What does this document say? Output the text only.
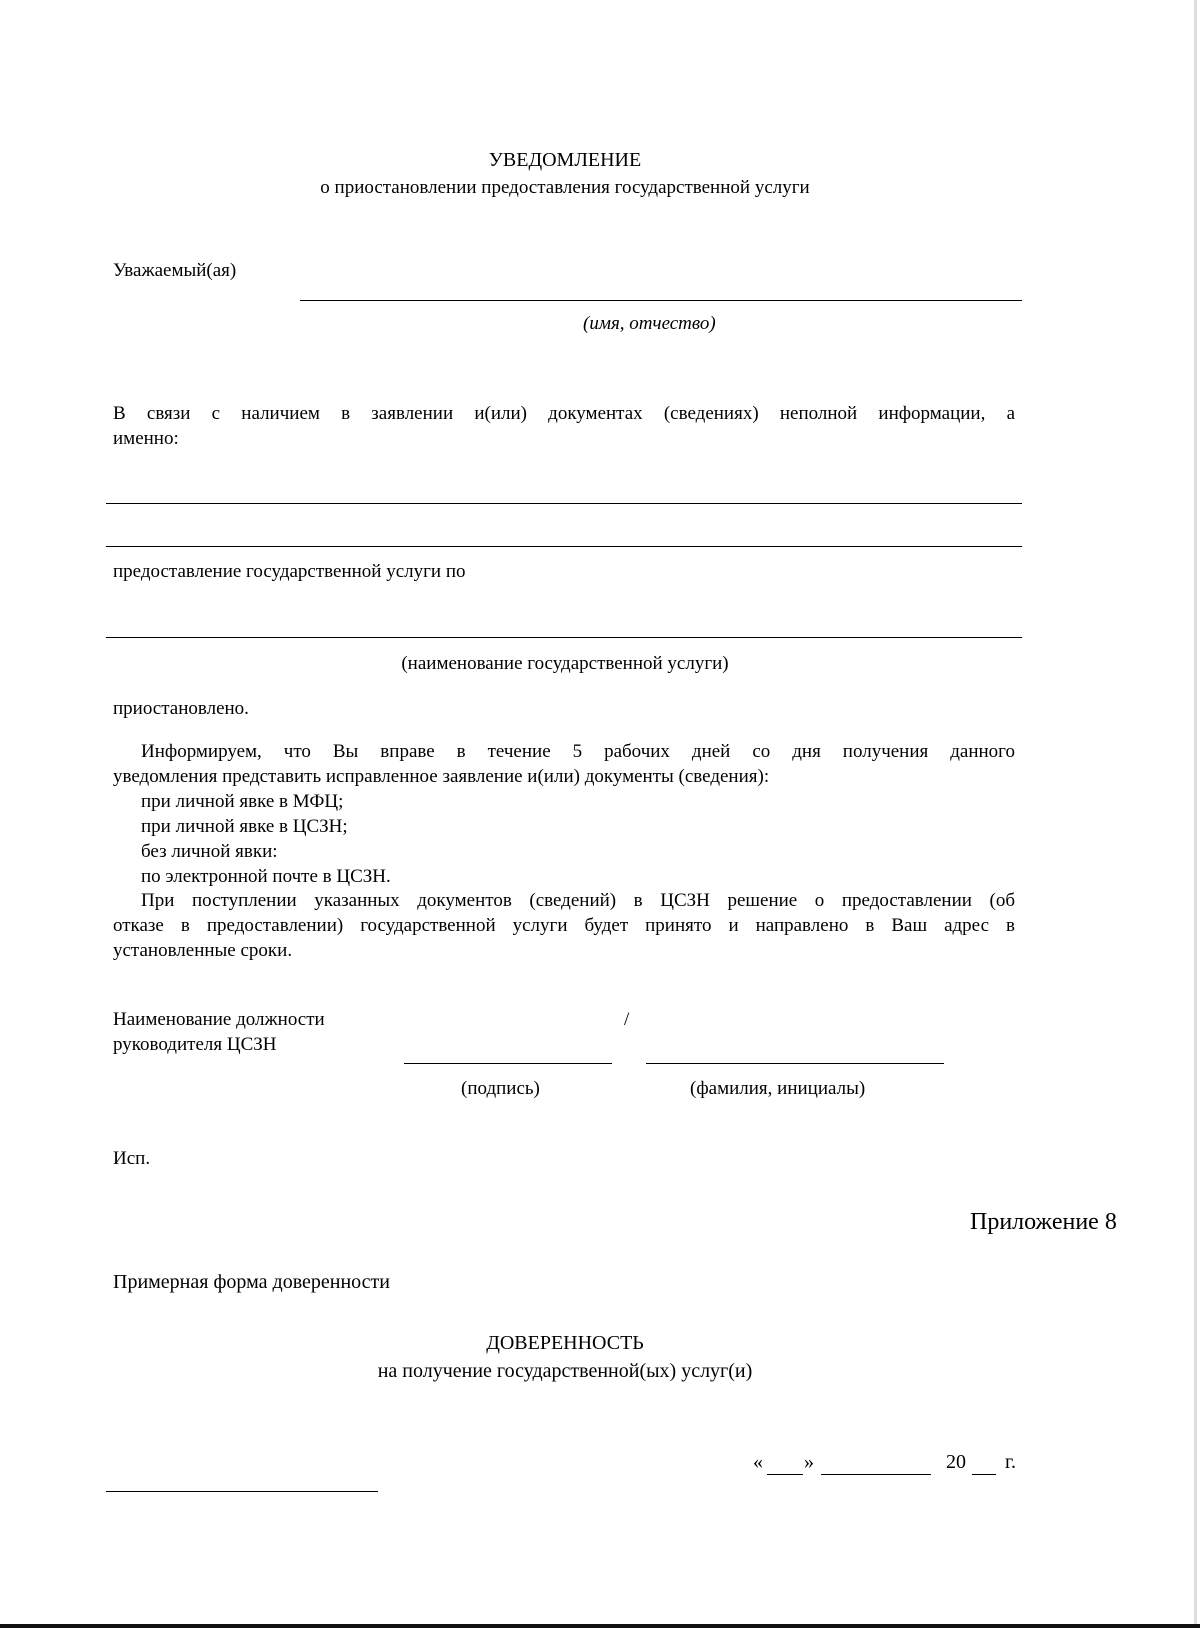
УВЕДОМЛЕНИЕ
о приостановлении предоставления государственной услуги
Уважаемый(ая)
(имя, отчество)
В связи с наличием в заявлении и(или) документах (сведениях) неполной информации, а
именно:
предоставление государственной услуги по
(наименование государственной услуги)
приостановлено.
Информируем, что Вы вправе в течение 5 рабочих дней со дня получения данного
уведомления представить исправленное заявление и(или) документы (сведения):
при личной явке в МФЦ;
при личной явке в ЦСЗН;
без личной явки:
по электронной почте в ЦСЗН.
При поступлении указанных документов (сведений) в ЦСЗН решение о предоставлении (об
отказе в предоставлении) государственной услуги будет принято и направлено в Ваш адрес в
установленные сроки.
Наименование должности
руководителя ЦСЗН
/
(подпись)	(фамилия, инициалы)
Исп.
Приложение 8
Примерная форма доверенности
ДОВЕРЕННОСТЬ
на получение государственной(ых) услуг(и)
« »	20 г.
